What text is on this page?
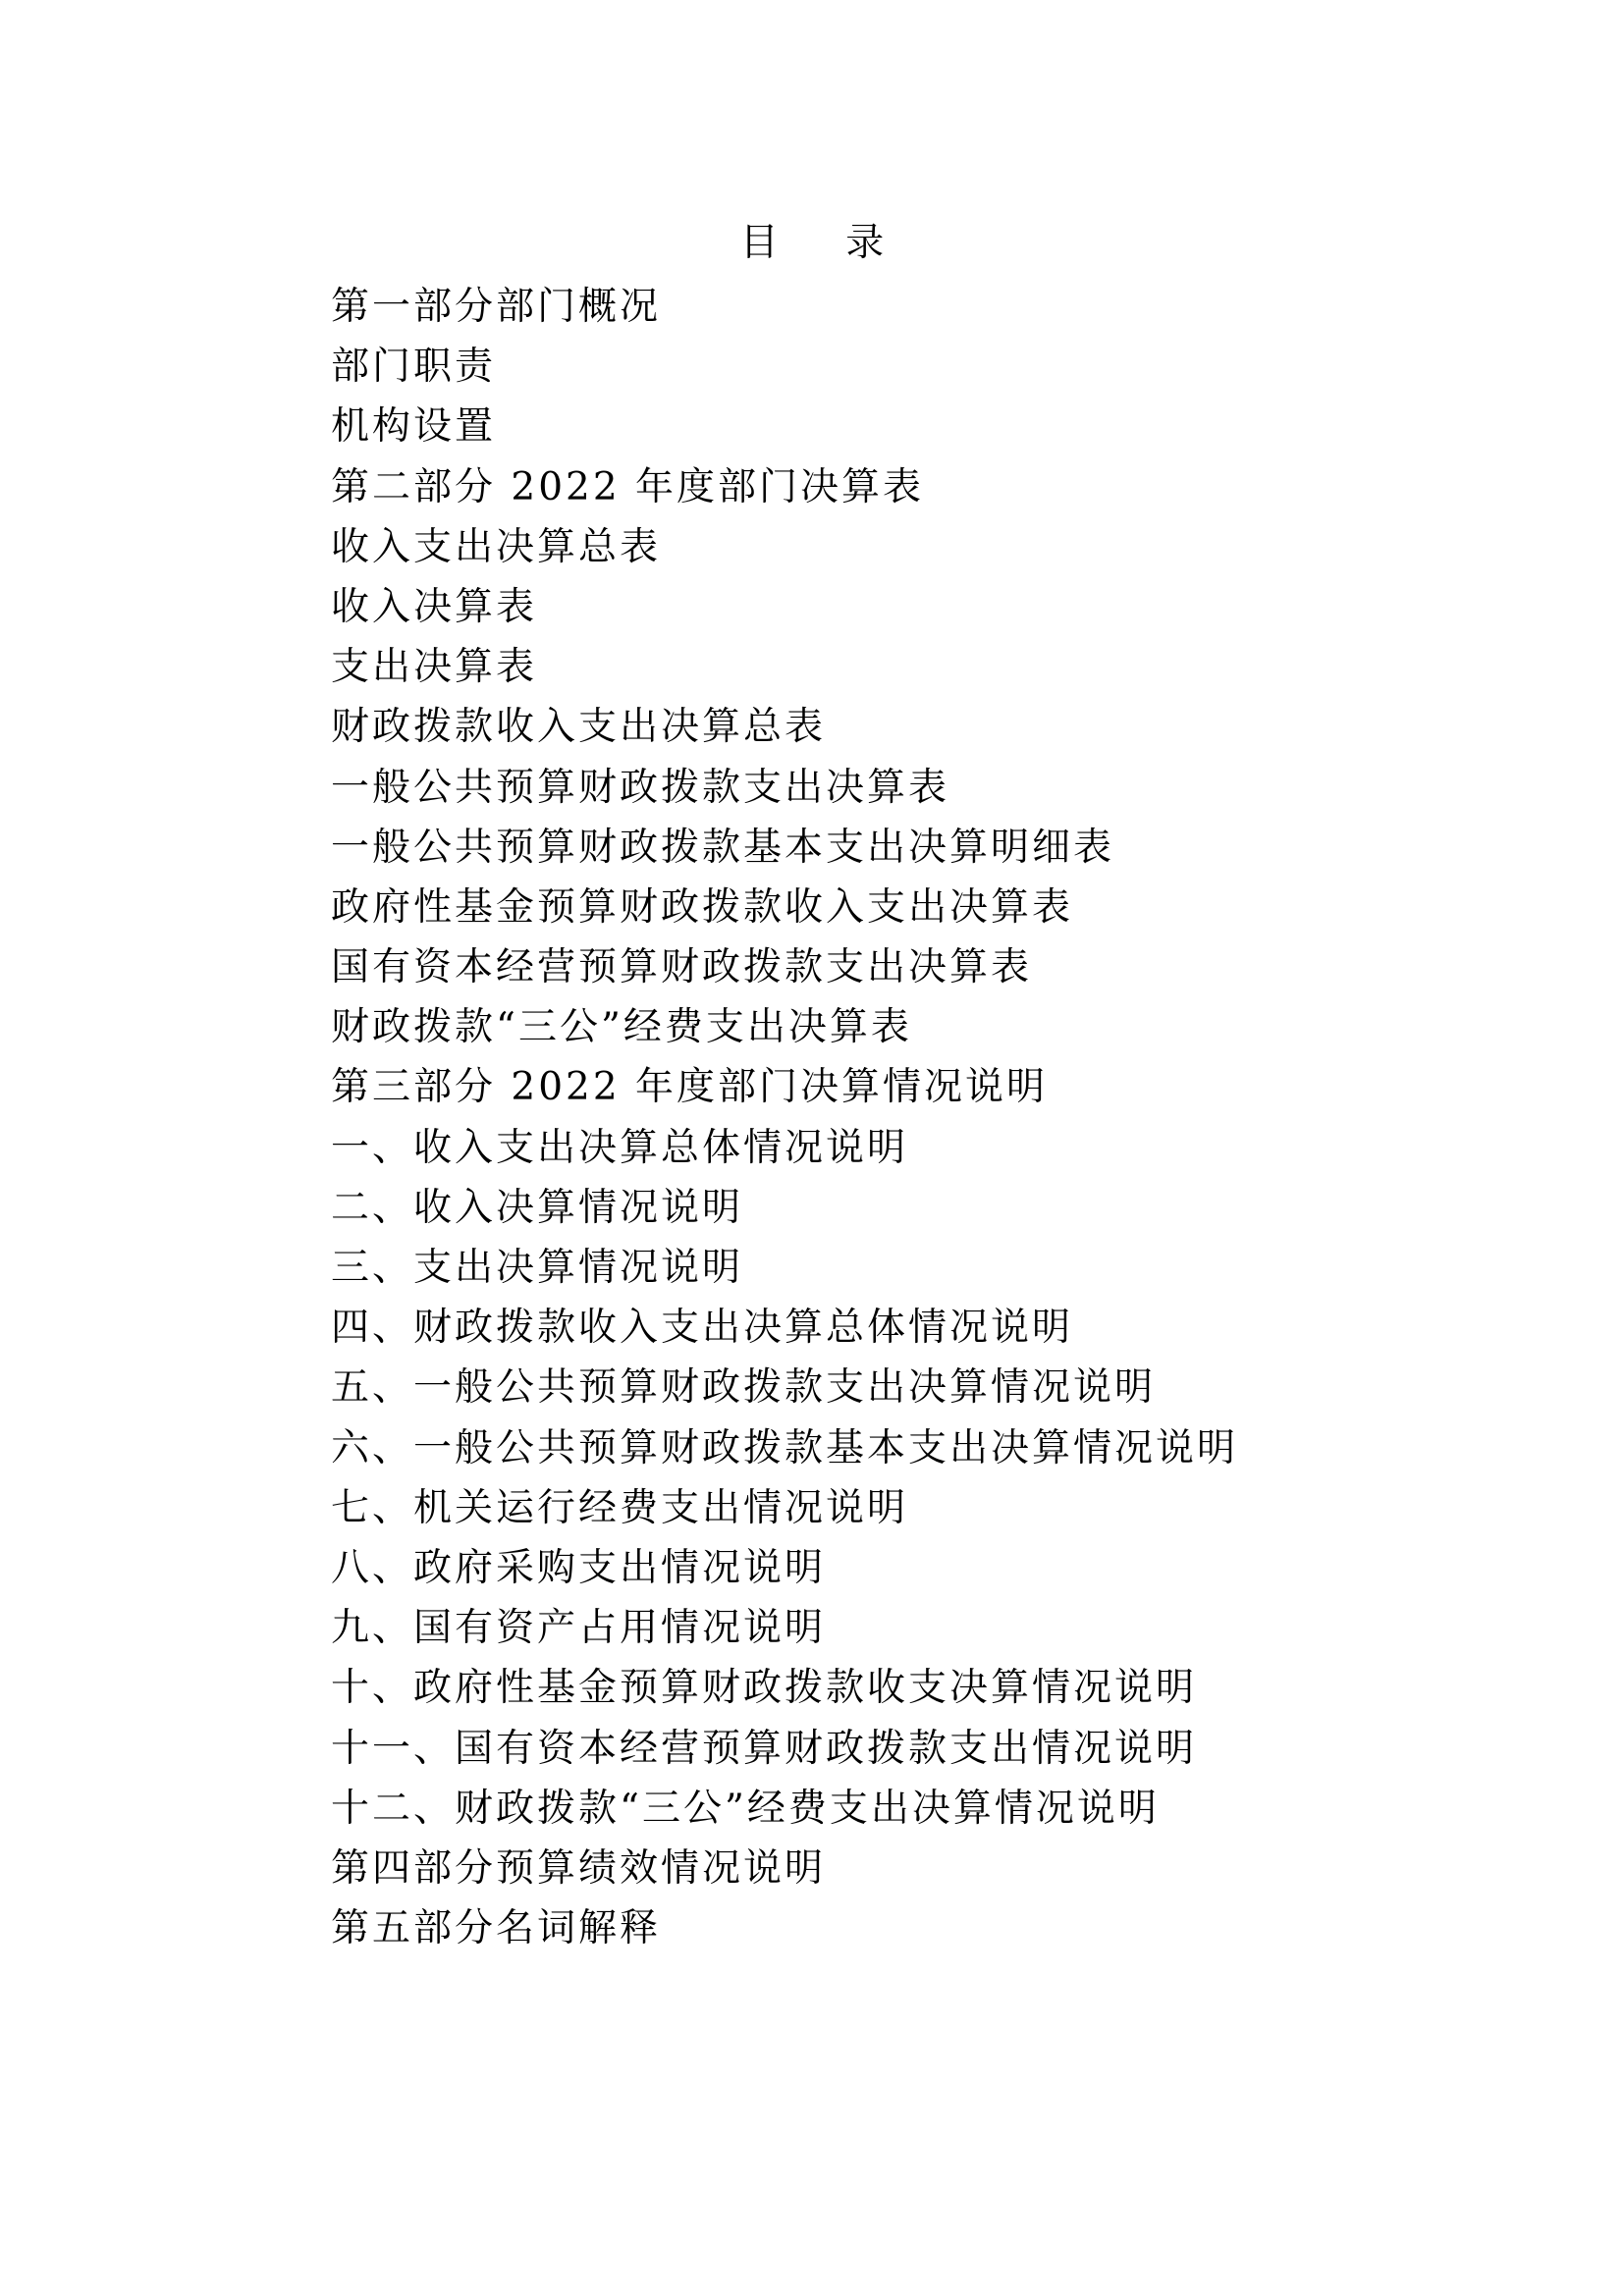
目 录
第一部分部门概况
部门职责
机构设置
第二部分 2022 年度部门决算表
收入支出决算总表
收入决算表
支出决算表
财政拨款收入支出决算总表
一般公共预算财政拨款支出决算表
一般公共预算财政拨款基本支出决算明细表
政府性基金预算财政拨款收入支出决算表
国有资本经营预算财政拨款支出决算表
财政拨款“三公”经费支出决算表
第三部分 2022 年度部门决算情况说明
一、收入支出决算总体情况说明
二、收入决算情况说明
三、支出决算情况说明
四、财政拨款收入支出决算总体情况说明
五、一般公共预算财政拨款支出决算情况说明
六、一般公共预算财政拨款基本支出决算情况说明
七、机关运行经费支出情况说明
八、政府采购支出情况说明
九、国有资产占用情况说明
十、政府性基金预算财政拨款收支决算情况说明
十一、国有资本经营预算财政拨款支出情况说明
十二、财政拨款“三公”经费支出决算情况说明
第四部分预算绩效情况说明
第五部分名词解释
